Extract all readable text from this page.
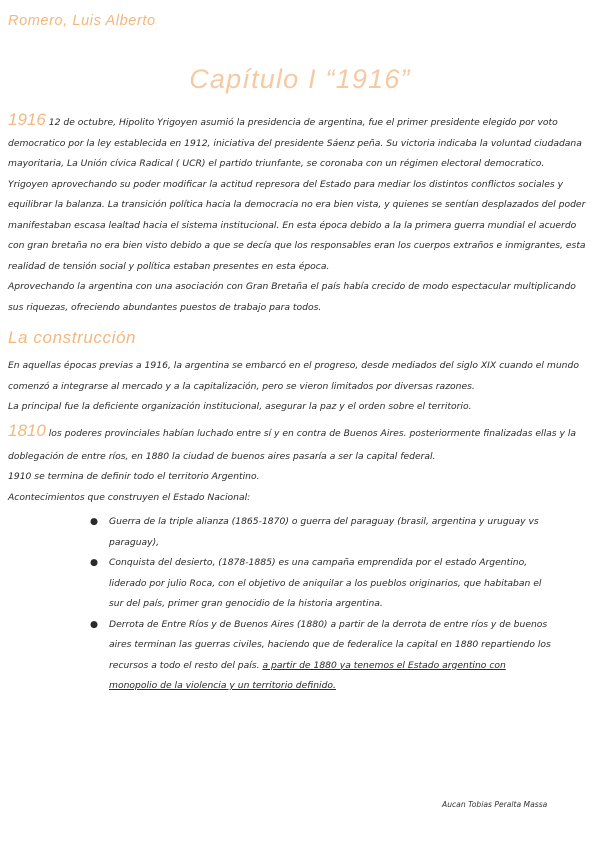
Romero, Luis Alberto
Capítulo I “1916”

1916 12 de octubre, Hipolito Yrigoyen asumió la presidencia de argentina, fue el primer presidente elegido por voto

democratico por la ley establecida en 1912, iniciativa del presidente Sáenz peña. Su victoria indicaba la voluntad ciudadana mayoritaria, La Unión cívica Radical ( UCR) el partido triunfante, se coronaba con un régimen electoral democratico. Yrigoyen aprovechando su poder modificar la actitud represora del Estado para mediar los distintos conflictos sociales y equilibrar la balanza. La transición política hacia la democracia no era bien vista, y quienes se sentían desplazados del poder manifestaban escasa lealtad hacia el sistema institucional. En esta época debido a la la primera guerra mundial el acuerdo con gran bretaña no era bien visto debido a que se decía que los responsables eran los cuerpos extraños e inmigrantes, esta realidad de tensión social y política estaban presentes en esta época.

Aprovechando la argentina con una asociación con Gran Bretaña el país había crecido de modo espectacular multiplicando sus riquezas, ofreciendo abundantes puestos de trabajo para todos.

La construcción

En aquellas épocas previas a 1916, la argentina se embarcó en el progreso, desde mediados del siglo XIX cuando el mundo comenzó a integrarse al mercado y a la capitalización, pero se vieron limitados por diversas razones.

La principal fue la deficiente organización institucional, asegurar la paz y el orden sobre el territorio.

1810 los poderes provinciales habían luchado entre sí y en contra de Buenos Aires. posteriormente finalizadas ellas y la

doblegación de entre ríos, en 1880 la ciudad de buenos aires pasaría a ser la capital federal.

1910 se termina de definir todo el territorio Argentino.

Acontecimientos que construyen el Estado Nacional:

● Guerra de la triple alianza (1865-1870) o guerra del paraguay (brasil, argentina y uruguay vs paraguay),
● Conquista del desierto, (1878-1885) es una campaña emprendida por el estado Argentino, liderado por julio Roca, con el objetivo de aniquilar a los pueblos originarios, que habitaban el sur del país, primer gran genocidio de la historia argentina.
● Derrota de Entre Ríos y de Buenos Aires (1880) a partir de la derrota de entre ríos y de buenos aires terminan las guerras civiles, haciendo que de federalice la capital en 1880 repartiendo los recursos a todo el resto del país. a partir de 1880 ya tenemos el Estado argentino con monopolio de la violencia y un territorio definido.
Aucan Tobias Peralta Massa
